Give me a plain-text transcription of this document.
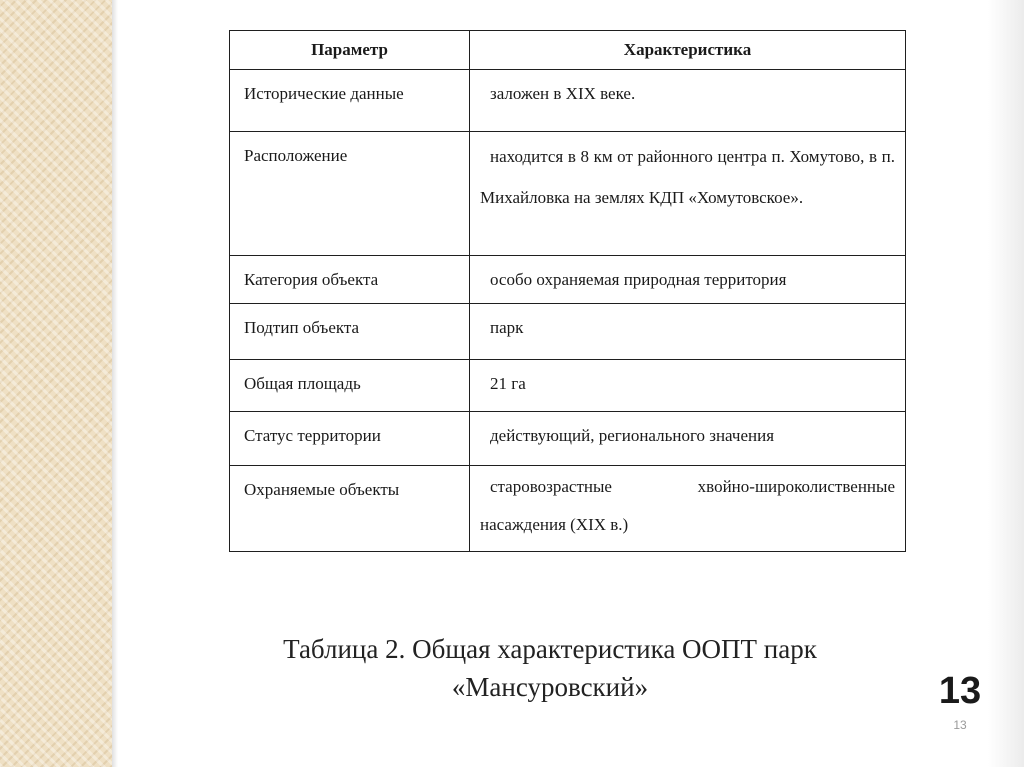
Параметр	Характеристика
Исторические данные	заложен в XIX веке.
Расположение	находится в 8 км от районного центра п. Хомутово, в п. Михайловка на землях КДП «Хомутовское».
Категория объекта	особо охраняемая природная территория
Подтип объекта	парк
Общая площадь	21 га
Статус территории	действующий, регионального значения
Охраняемые объекты	старовозрастные хвойно-широколиственные насаждения (XIX в.)
Таблица 2. Общая характеристика ООПТ парк
«Мансуровский»	13
13
